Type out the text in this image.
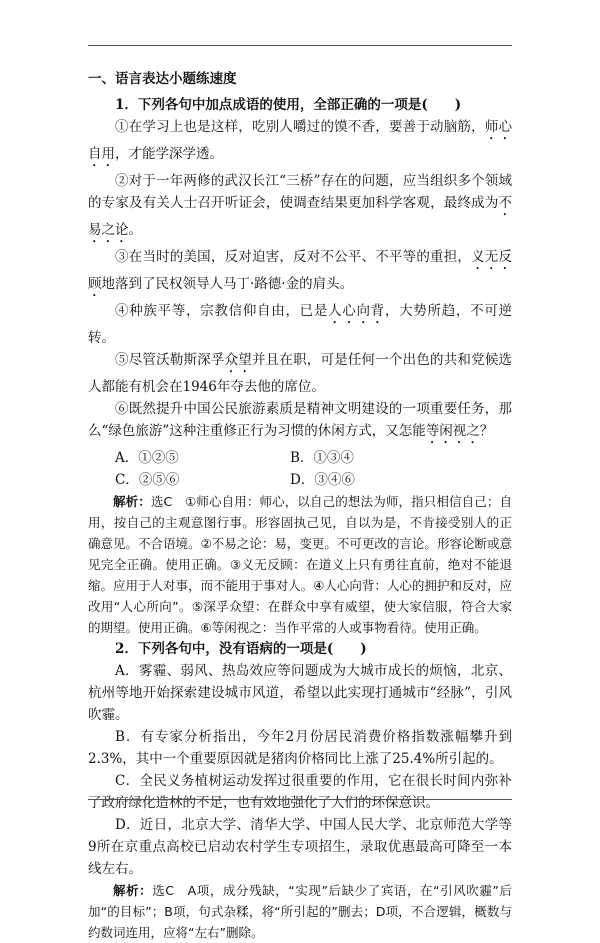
一、语言表达小题练速度

1．下列各句中加点成语的使用，全部正确的一项是(　　)

①在学习上也是这样，吃别人嚼过的馍不香，要善于动脑筋，师心自用，才能学深学透。

②对于一年两修的武汉长江“三桥”存在的问题，应当组织多个领域的专家及有关人士召开听证会，使调查结果更加科学客观，最终成为不易之论。

③在当时的美国，反对迫害，反对不公平、不平等的重担，义无反顾地落到了民权领导人马丁·路德·金的肩头。

④种族平等，宗教信仰自由，已是人心向背，大势所趋，不可逆转。

⑤尽管沃勒斯深孚众望并且在职，可是任何一个出色的共和党候选人都能有机会在1946年夺去他的席位。

⑥既然提升中国公民旅游素质是精神文明建设的一项重要任务，那么“绿色旅游”这种注重修正行为习惯的休闲方式，又怎能等闲视之？

A．①②⑤	B．①③④
C．②⑤⑥	D．③④⑥

解析：选C　①师心自用：师心，以自己的想法为师，指只相信自己；自用，按自己的主观意图行事。形容固执己见，自以为是，不肯接受别人的正确意见。不合语境。②不易之论：易，变更。不可更改的言论。形容论断或意见完全正确。使用正确。③义无反顾：在道义上只有勇往直前，绝对不能退缩。应用于人对事，而不能用于事对人。④人心向背：人心的拥护和反对，应改用“人心所向”。⑤深孚众望：在群众中享有威望，使大家信服，符合大家的期望。使用正确。⑥等闲视之：当作平常的人或事物看待。使用正确。

2．下列各句中，没有语病的一项是(　　)

A．雾霾、弱风、热岛效应等问题成为大城市成长的烦恼，北京、杭州等地开始探索建设城市风道，希望以此实现打通城市“经脉”，引风吹霾。

B．有专家分析指出，今年2月份居民消费价格指数涨幅攀升到2.3%，其中一个重要原因就是猪肉价格同比上涨了25.4%所引起的。

C．全民义务植树运动发挥过很重要的作用，它在很长时间内弥补了政府绿化造林的不足，也有效地强化了人们的环保意识。

D．近日，北京大学、清华大学、中国人民大学、北京师范大学等9所在京重点高校已启动农村学生专项招生，录取优惠最高可降至一本线左右。

解析：选C　A项，成分残缺，“实现”后缺少了宾语，在“引风吹霾”后加“的目标”；B项，句式杂糅，将“所引起的”删去；D项，不合逻辑，概数与约数词连用，应将“左右”删除。
